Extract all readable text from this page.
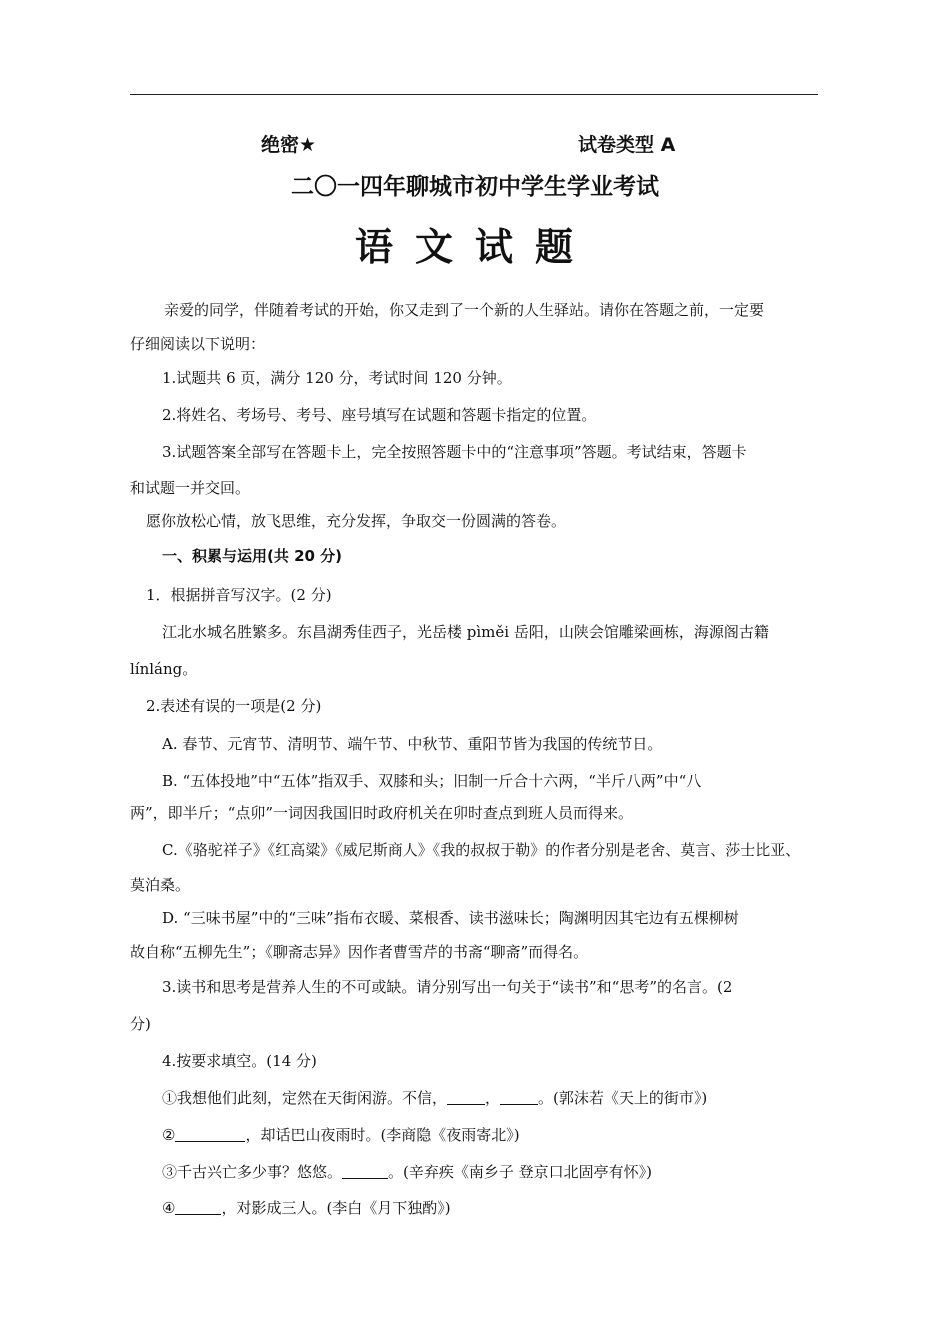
绝密★	试卷类型 A
二〇一四年聊城市初中学生学业考试
语文试题
亲爱的同学，伴随着考试的开始，你又走到了一个新的人生驿站。请你在答题之前，一定要
仔细阅读以下说明：
1.试题共 6 页，满分 120 分，考试时间 120 分钟。
2.将姓名、考场号、考号、座号填写在试题和答题卡指定的位置。
3.试题答案全部写在答题卡上，完全按照答题卡中的“注意事项”答题。考试结束，答题卡
和试题一并交回。
愿你放松心情，放飞思维，充分发挥，争取交一份圆满的答卷。
一、积累与运用(共 20 分)
1．根据拼音写汉字。(2 分)
江北水城名胜繁多。东昌湖秀佳西子，光岳楼 pìměi 岳阳，山陕会馆雕梁画栋，海源阁古籍
línláng。
2.表述有误的一项是(2 分)
A. 春节、元宵节、清明节、端午节、中秋节、重阳节皆为我国的传统节日。
B. “五体投地”中“五体”指双手、双膝和头；旧制一斤合十六两，“半斤八两”中“八
两”，即半斤；“点卯”一词因我国旧时政府机关在卯时查点到班人员而得来。
C.《骆驼祥子》《红高粱》《威尼斯商人》《我的叔叔于勒》的作者分别是老舍、莫言、莎士比亚、
莫泊桑。
D. “三味书屋”中的“三味”指布衣暖、菜根香、读书滋味长；陶渊明因其宅边有五棵柳树
故自称“五柳先生”；《聊斋志异》因作者曹雪芹的书斋“聊斋”而得名。
3.读书和思考是营养人生的不可或缺。请分别写出一句关于“读书”和“思考”的名言。(2
分)
4.按要求填空。(14 分)
①我想他们此刻，定然在天街闲游。不信，	，	。(郭沫若《天上的街市》)
②	，却话巴山夜雨时。(李商隐《夜雨寄北》)
③千古兴亡多少事？悠悠。	。(辛弃疾《南乡子 登京口北固亭有怀》)
④	，对影成三人。(李白《月下独酌》)
